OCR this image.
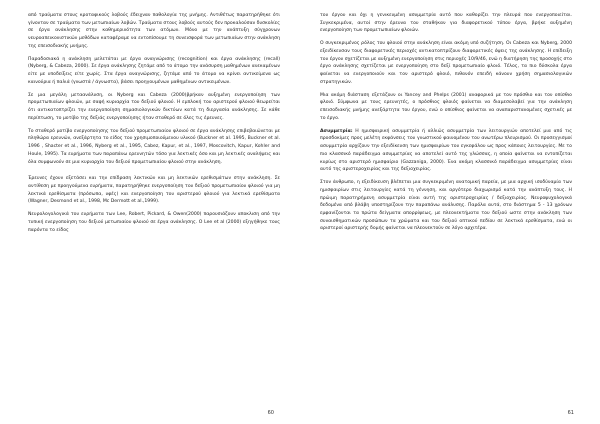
από τραύματα στους κροταφικούς λοβούς έδειχναν παθολογία της μνήμης. Αντιθέτως παρατηρήθηκε ότι γίνονταν σε τραύματα των μετωπιαίων λοβών. Τραύματα στους λοβούς αυτούς δεν προκαλούσαν δυσκολίες σε έργα ανάκλησης στην καθημερινότητα των ατόμων. Μόνο με την ανάπτυξη σύγχρονων νευροαπεικονιστικών μεθόδων καταφέραμε να εντοπίσουμε τη συνεισφορά των μετωπιαίων στην ανάκληση της επεισοδιακής μνήμης.

Παραδοσιακά η ανάκληση μελετάται με έργα αναγνώρισης (recognition) και έργα ανάκλησης (recall) (Nyberg, & Cabeza, 2000). Σε έργα ανάκλησης ζητάμε από το άτομο την ανάσυρση μαθημένων ανεκαμένων είτε με υποδείξεις είτε χωρίς. Στα έργα αναγνώρισης, ζητάμε από το άτομο να κρίνει αντικείμενα ως καινούρια ή παλιά (γνωστά / άγνωστα), βάσει προηγουμένων μαθημένων αντικειμένων.

Σε μια μεγάλη μεταανάλυση, οι Nyberg και Cabeza (2000)βρήκαν αυξημένη ενεργοποίηση των προμετωπιαίων φλοιών, με σαφή κυριαρχία του δεξιού φλοιού. Η εμπλοκή του αριστερού φλοιού θεωρείται ότι αντικατοπτρίζει την ενεργοποίηση σημασιολογικών δικτύων κατά τη διεργασία ανάκλησης. Σε κάθε περίπτωση, το μοτίβο της δεξιάς ενεργοποίησης ήταν σταθερό σε όλες τις έρευνες.

Το σταθερό μοτίβο ενεργοποίησης του δεξιού προμετωπιαίου φλοιού σε έργα ανάκλησης επιβεβαιώνεται με πληθώρα ερευνών, ανεξάρτητα το είδος του χρησιμοποιούμενου υλικού (Buckner et al. 1995, Buckner et al. 1996 , Shacter et al., 1996, Nyberg et al., 1995, Cabez, Kapur, et al., 1997, Moscovitch, Kapur, Kohler and Houle, 1995). Τα ευρήματα των παραπάνω ερευνητών τόσο για λεκτικές όσο και μη λεκτικές αναλήψεις και όλα συμφωνούν σε μια κυριαρχία του δεξιού προμετωπιαίου φλοιού στην ανάκληση.

Έρευνες έχουν εξετάσει και την επίδραση λεκτικών και μη λεκτικών ερεθισμάτων στην ανάκληση. Σε αντίθεση με προηγούμενα ευρήματα, παρατηρήθηκε ενεργοποίηση του δεξιού προμετωπιαίου φλοιού για μη λεκτικά ερεθίσματα (πρόσωπα, υφές) και ενεργοποίηση του αριστερού φλοιού για λεκτικά ερεθίσματα (Wagner, Desmond et al., 1998, Mc Dermott et al.,1999).

Νευρολογολογικά του ευρήματα των Lee, Robert, Pickard, & Owen(2000) παρουσιάζουν αποκλιση από την τυπική ενεργοποίηση του δεξιού μετωπιαίου φλοιού σε έργα ανάκλησης. Ο Lee et al (2000) εξηγήθηκε τους παρόντα το είδος

60

του έργου και όχι η γενικευμένη ασυμμετρία αυτό που καθορίζει την πλευρά που ενεργοποιείται. Συγκεκριμένα, αυτοί στην έρευνα του σταθήκαν για διαφορετικού τύπου έργα, βρήκε αυξημένη ενεργοποίηση των προμετωπιαίων φλοιών.

Ο συγκεκριμένος ρόλος του φλοιού στην ανάκληση είναι ακόμη υπό συζήτηση. Οι Cabeza και Nyberg, 2000 εξειδίκευσαν τους διαφορετικές περιοχές αντικατοπτρίζουν διαφορετικές όψεις της ανάκλησης. Η επίδειξη του έργου σχετίζεται με αυξημένη ενεργοποίηση στις περιοχές 10/9/46, ενώ η διατήρηση της προσοχής στο έργο ανάκλησης σχετίζεται με ενεργοποίηση στο δεξί προμετωπιαίο φλοιό. Τέλος, τα πιο δύσκολα έργα φαίνεται να ενεργοποιούν και τον αριστερό φλοιό, πιθανόν επειδή κάνουν χρήση σημασιολογικών στρατηγικών.

Μια ακόμη διάσταση εξετάζουν οι Yancey and Phelps (2001) αναφορικά με τον πρόσθιο και τον οπίσθιο φλοιό. Σύμφωνα με τους ερευνητές, ο πρόσθιος φλοιός φαίνεται να διαμεσολαβεί για την ανάκληση επεισοδιακής μνήμης ανεξάρτητα του έργου, ενώ ο οπίσθιος φαίνεται να αναπαριστανομένες σχετικές με το έργο.

Ασυμμετρία: Η ημισφαιρική ασυμμετρία ή αλλιώς ασυμμετρία των λειτουργιών αποτελεί μια από τις προσδοκίμες προς μελέτη εκφάνσεις του γνωστικού φαινομένου του ανωτέρω πλευρισμού. Οι προσεγγισμοί ασυμμετρία αρχίζουν την εξειδίκευση των ημισφαιρίων του εγκεφάλου ως προς κάποιες λειτουργίες. Με το πιο κλασσικό παράδειγμα ασυμμετρίας να αποτελεί αυτό της γλώσσας, η οποία φαίνεται να εντοπίζεται κυρίως στο αριστερό ημισφαίριο (Gazzaniga, 2000). Ένα ακόμη κλασσικό παράδειγμα ασυμμετρίας είναι αυτό της αριστεροχειρίας και της δεξιοχειρίας.

Στον άνθρωπο, η εξειδίκευση βλέπεται μια συγκεκριμένη ανατομική παρεία, με μια αρχική ισοδύναμία των ημισφαιρίων στις λειτουργίες κατά τη γέννηση, και αργότερο διαχωρισμό κατά την ανάπτυξη τους. Η πρώιμη παρατηρήμενη ασυμμετρία είναι αυτή της αριστεροχειρίας / δεξιοχειρίας. Νευροψυχολογικά δεδομένα από βλάβη υποστηρίζουν την παραπάνω ανάλυσης. Παρόλα αυτά, στο διάστημα 5 - 13 χρόνων εμφανίζονται τα πρώτα δείγματα απορρίψεως, με πλεονεκτήματα του δεξιού ωστε στην ανάκληση των συναισθηματικών προσώπων τα χρώματα και του δεξιού οπτικού πεδίου σε λεκτικά ερεθίσματα, ενώ οι αριστεροί αριστερής δομής φαίνεται να πλεονεκτούν σε λόγο αρχιτέρα.

61
